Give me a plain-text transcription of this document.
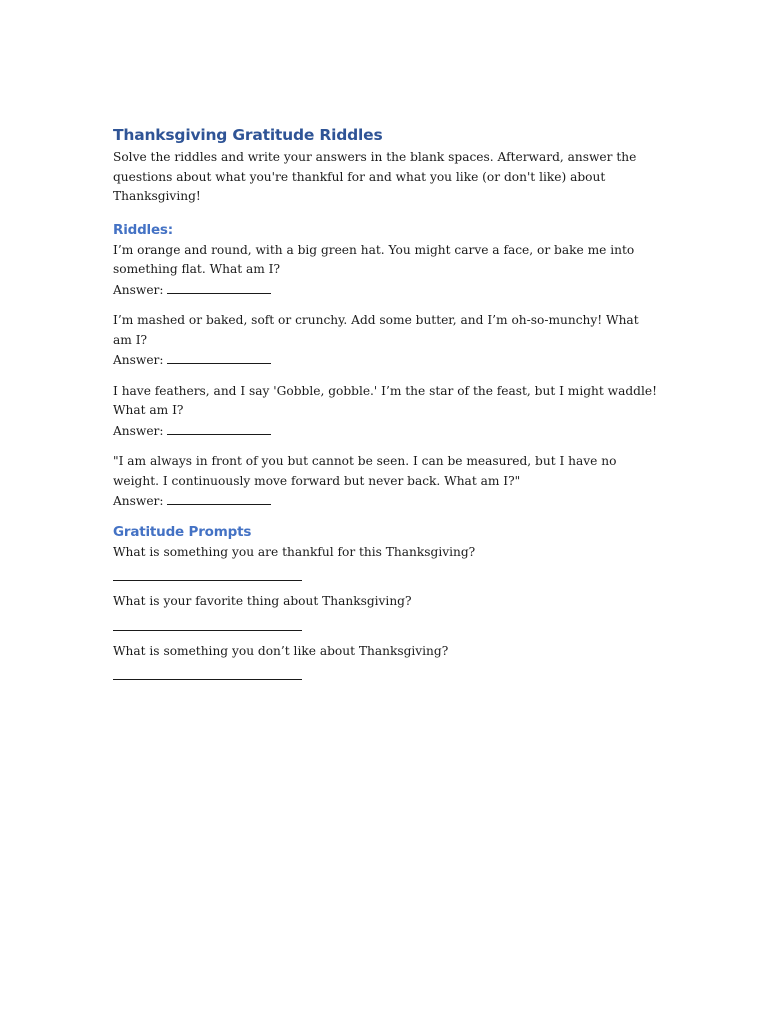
Thanksgiving Gratitude Riddles

Solve the riddles and write your answers in the blank spaces. Afterward, answer the questions about what you're thankful for and what you like (or don't like) about Thanksgiving!

Riddles:

I’m orange and round, with a big green hat. You might carve a face, or bake me into something flat. What am I?

Answer:

I’m mashed or baked, soft or crunchy. Add some butter, and I’m oh-so-munchy! What am I?

Answer:

I have feathers, and I say 'Gobble, gobble.' I’m the star of the feast, but I might waddle! What am I?

Answer:

"I am always in front of you but cannot be seen. I can be measured, but I have no weight. I continuously move forward but never back. What am I?"

Answer:
Gratitude Prompts

What is something you are thankful for this Thanksgiving?

What is your favorite thing about Thanksgiving?

What is something you don’t like about Thanksgiving?
